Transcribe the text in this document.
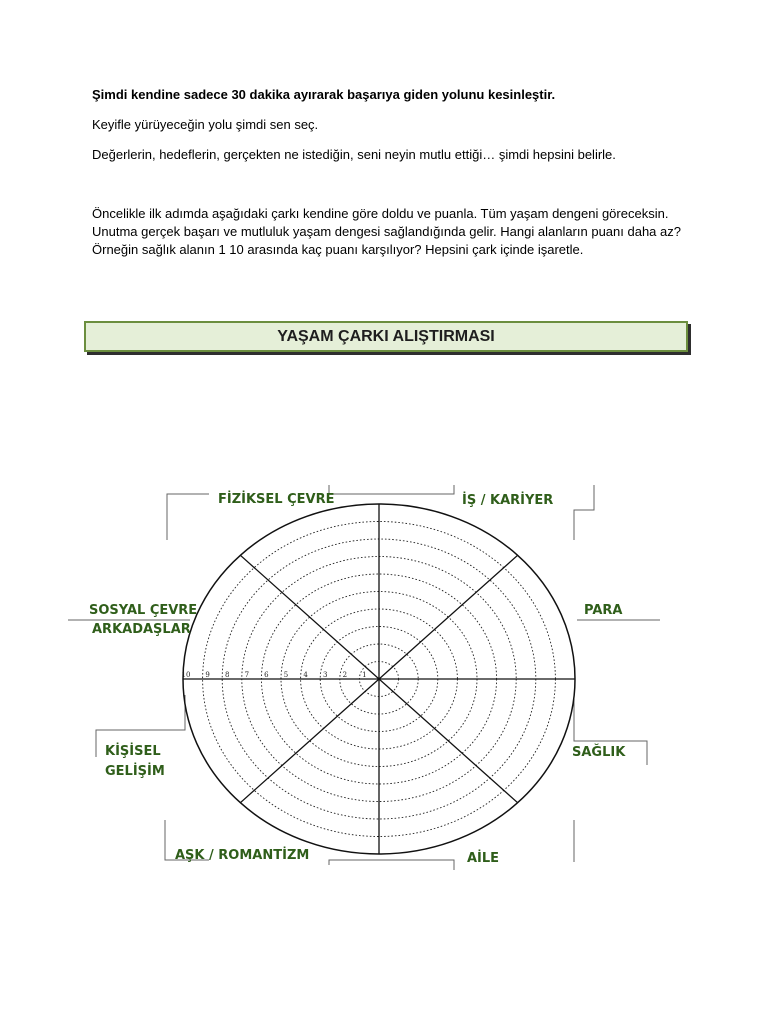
Şimdi kendine sadece 30 dakika ayırarak başarıya giden yolunu kesinleştir.

Keyifle yürüyeceğin yolu şimdi sen seç.

Değerlerin, hedeflerin, gerçekten ne istediğin, seni neyin mutlu ettiği… şimdi hepsini belirle.

Öncelikle ilk adımda aşağıdaki çarkı kendine göre doldu ve puanla. Tüm yaşam dengeni göreceksin. Unutma gerçek başarı ve mutluluk yaşam dengesi sağlandığında gelir. Hangi alanların puanı daha az? Örneğin sağlık alanın 1 10 arasında kaç puanı karşılıyor? Hepsini çark içinde işaretle.

YAŞAM ÇARKI ALIŞTIRMASI
1
2
3
4
5
6
7
8
9
10
FİZİKSEL ÇEVRE	İŞ / KARİYER
SOSYAL ÇEVRE
ARKADAŞLAR
PARA
KİŞİSEL
GELİŞİM
SAĞLIK
AŞK / ROMANTİZM	AİLE
